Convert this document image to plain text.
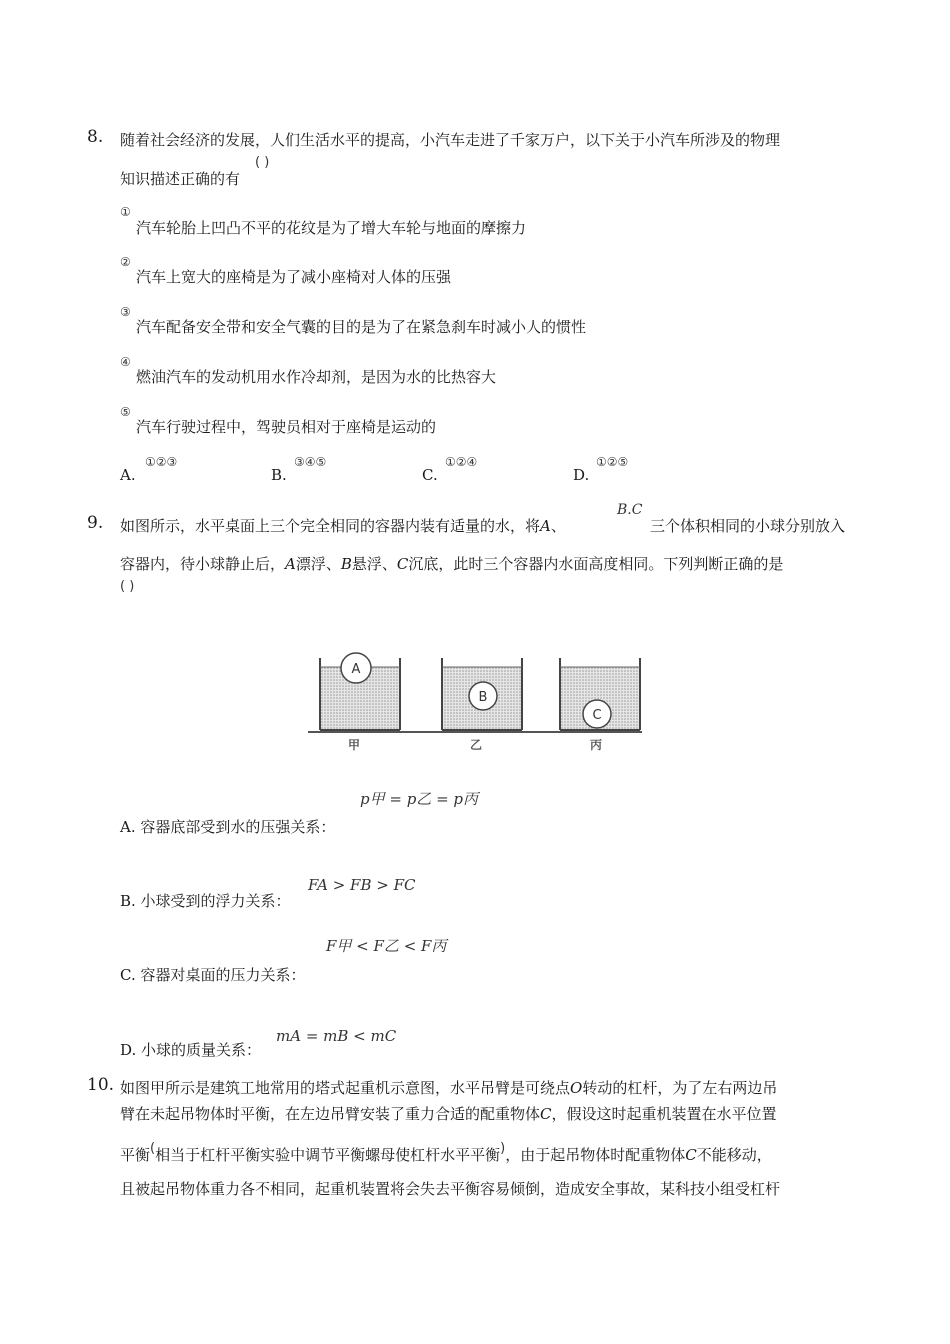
8. 随着社会经济的发展，人们生活水平的提高，小汽车走进了千家万户，以下关于小汽车所涉及的物理
知识描述正确的有
( )
①
汽车轮胎上凹凸不平的花纹是为了增大车轮与地面的摩擦力
②
汽车上宽大的座椅是为了减小座椅对人体的压强
③
汽车配备安全带和安全气囊的目的是为了在紧急刹车时减小人的惯性
④
燃油汽车的发动机用水作冷却剂，是因为水的比热容大
⑤
汽车行驶过程中，驾驶员相对于座椅是运动的
A.
①②③
B.
③④⑤
C.
①②④
D.
①②⑤
9. 如图所示，水平桌面上三个完全相同的容器内装有适量的水，将A、
B.C
三个体积相同的小球分别放入
容器内，待小球静止后，A漂浮、B悬浮、C沉底，此时三个容器内水面高度相同。下列判断正确的是
( )
A
B
C
甲	乙	丙
p甲 = p乙 = p丙
A. 容器底部受到水的压强关系：
B. 小球受到的浮力关系：
FA > FB > FC
F甲 < F乙 < F丙
C. 容器对桌面的压力关系：
D. 小球的质量关系：
mA = mB < mC
10. 如图甲所示是建筑工地常用的塔式起重机示意图，水平吊臂是可绕点O转动的杠杆，为了左右两边吊
臂在未起吊物体时平衡，在左边吊臂安装了重力合适的配重物体C，假设这时起重机装置在水平位置
平衡(相当于杠杆平衡实验中调节平衡螺母使杠杆水平平衡)，由于起吊物体时配重物体C不能移动，
且被起吊物体重力各不相同，起重机装置将会失去平衡容易倾倒，造成安全事故，某科技小组受杠杆
